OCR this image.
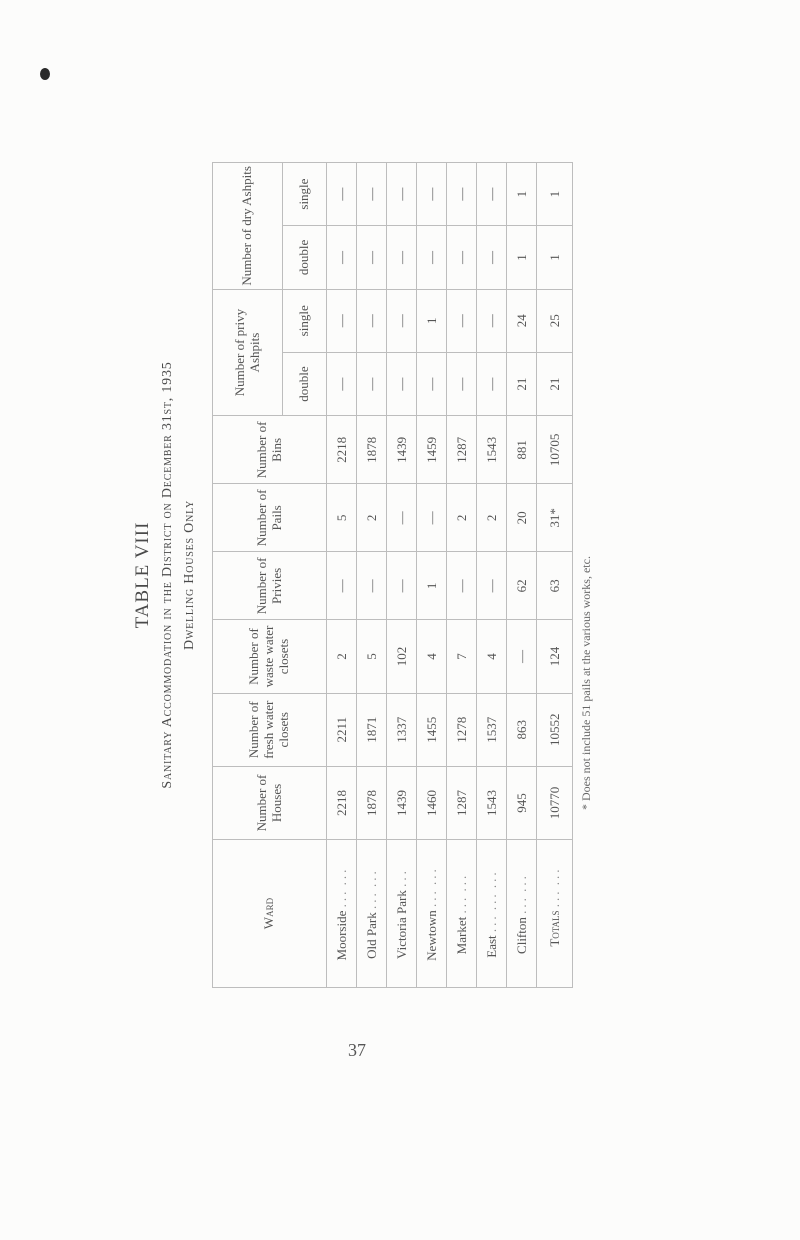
TABLE VIII Sanitary Accommodation in the District on December 31st, 1935 Dwelling Houses Only
Ward	Number of Houses	Number of fresh water closets	Number of waste water closets	Number of Privies	Number of Pails	Number of Bins	Number of privy Ashpits		Number of dry Ashpits	
							double	single	double	single
Moorside ... ...	2218	2211	2	—	5	2218	—	—	—	—
Old Park ... ...	1878	1871	5	—	2	1878	—	—	—	—
Victoria Park ...	1439	1337	102	—	—	1439	—	—	—	—
Newtown ... ...	1460	1455	4	1	—	1459	—	1	—	—
Market ... ...	1287	1278	7	—	2	1287	—	—	—	—
East ... ... ...	1543	1537	4	—	2	1543	—	—	—	—
Clifton ... ...	945	863	—	62	20	881	21	24	1	1
Totals ... ...	10770	10552	124	63	31*	10705	21	25	1	1
* Does not include 51 pails at the various works, etc.
37
